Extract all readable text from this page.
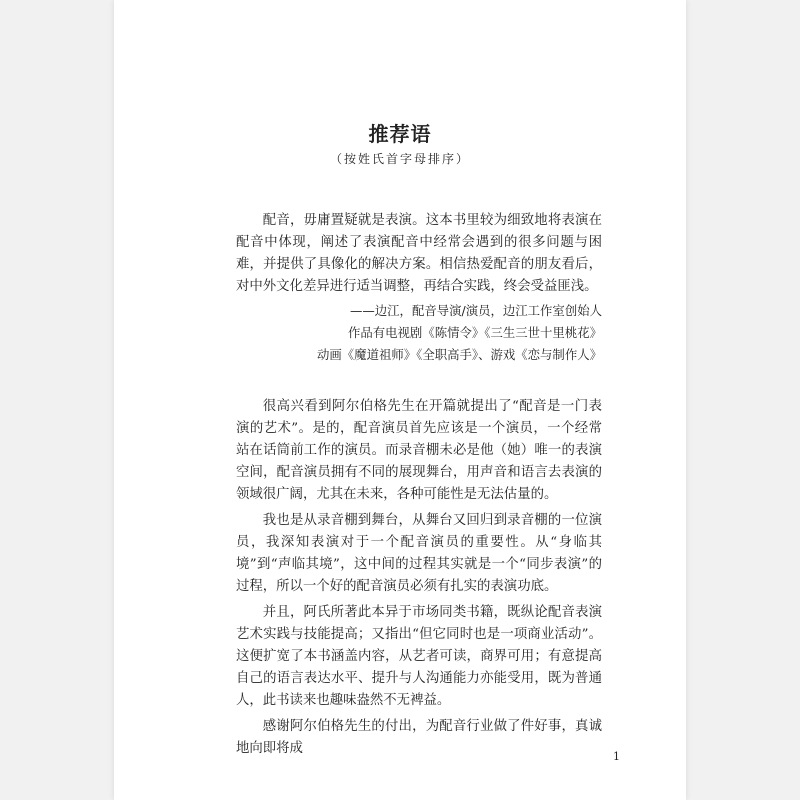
推荐语
（按姓氏首字母排序）

配音，毋庸置疑就是表演。这本书里较为细致地将表演在配音中体现，阐述了表演配音中经常会遇到的很多问题与困难，并提供了具像化的解决方案。相信热爱配音的朋友看后，对中外文化差异进行适当调整，再结合实践，终会受益匪浅。

——边江，配音导演/演员，边江工作室创始人
作品有电视剧《陈情令》《三生三世十里桃花》
动画《魔道祖师》《全职高手》、游戏《恋与制作人》

很高兴看到阿尔伯格先生在开篇就提出了“配音是一门表演的艺术”。是的，配音演员首先应该是一个演员，一个经常站在话筒前工作的演员。而录音棚未必是他（她）唯一的表演空间，配音演员拥有不同的展现舞台，用声音和语言去表演的领域很广阔，尤其在未来，各种可能性是无法估量的。

我也是从录音棚到舞台，从舞台又回归到录音棚的一位演员，我深知表演对于一个配音演员的重要性。从“身临其境”到“声临其境”，这中间的过程其实就是一个“同步表演”的过程，所以一个好的配音演员必须有扎实的表演功底。

并且，阿氏所著此本异于市场同类书籍，既纵论配音表演艺术实践与技能提高；又指出“但它同时也是一项商业活动”。这便扩宽了本书涵盖内容，从艺者可读，商界可用；有意提高自己的语言表达水平、提升与人沟通能力亦能受用，既为普通人，此书读来也趣味盎然不无裨益。

感谢阿尔伯格先生的付出，为配音行业做了件好事，真诚地向即将成

1
